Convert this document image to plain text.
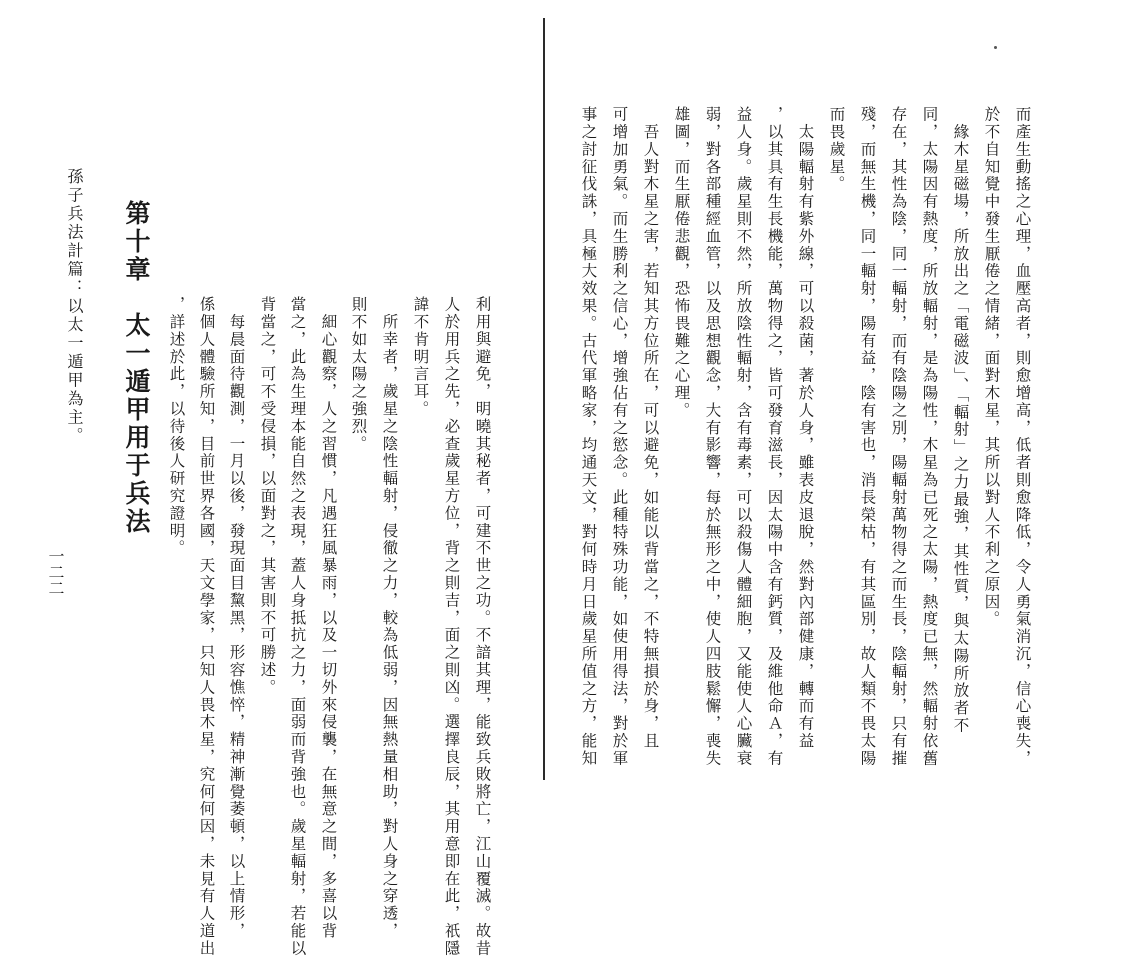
利用與避免，明曉其秘者，可建不世之功。不諳其理，能致兵敗將亡，江山覆滅。故昔
人於用兵之先，必查歲星方位，背之則吉，面之則凶。選擇良辰，其用意即在此，祇隱
諱不肯明言耳。
　所幸者，歲星之陰性輻射，侵徹之力，較為低弱，因無熱量相助，對人身之穿透，
則不如太陽之強烈。
　細心觀察，人之習慣，凡遇狂風暴雨，以及一切外來侵襲，在無意之間，多喜以背
當之，此為生理本能自然之表現，蓋人身抵抗之力，面弱而背強也。歲星輻射，若能以
背當之，可不受侵損，以面對之，其害則不可勝述。
　每晨面待觀測，一月以後，發現面目黧黑，形容憔悴，精神漸覺萎頓，以上情形，
係個人體驗所知，目前世界各國，天文學家，只知人畏木星，究何何因，未見有人道出
，詳述於此，以待後人研究證明。
第十章　太一遁甲用于兵法
孫子兵法計篇：以太一遁甲為主。
一二二	而產生動搖之心理，血壓高者，則愈增高，低者則愈降低，令人勇氣消沉，信心喪失，
於不自知覺中發生厭倦之情緒，面對木星，其所以對人不利之原因。
　緣木星磁場，所放出之「電磁波」、「輻射」之力最強，其性質，與太陽所放者不
同，太陽因有熱度，所放輻射，是為陽性，木星為已死之太陽，熱度已無，然輻射依舊
存在，其性為陰，同一輻射，而有陰陽之別，陽輻射萬物得之而生長，陰輻射，只有摧
殘，而無生機，同一輻射，陽有益，陰有害也，消長榮枯，有其區別，故人類不畏太陽
而畏歲星。
　太陽輻射有紫外線，可以殺菌，著於人身，雖表皮退脫，然對內部健康，轉而有益
，以其具有生長機能，萬物得之，皆可發育滋長，因太陽中含有鈣質，及維他命Ａ，有
益人身。歲星則不然，所放陰性輻射，含有毒素，可以殺傷人體細胞，又能使人心臟衰
弱，對各部種經血管，以及思想觀念，大有影響，每於無形之中，使人四肢鬆懈，喪失
雄圖，而生厭倦悲觀，恐怖畏難之心理。
　吾人對木星之害，若知其方位所在，可以避免，如能以背當之，不特無損於身，且
可增加勇氣。而生勝利之信心，增強佔有之慾念。此種特殊功能，如使用得法，對於軍
事之討征伐誅，具極大效果。古代軍略家，均通天文，對何時月日歲星所值之方，能知
